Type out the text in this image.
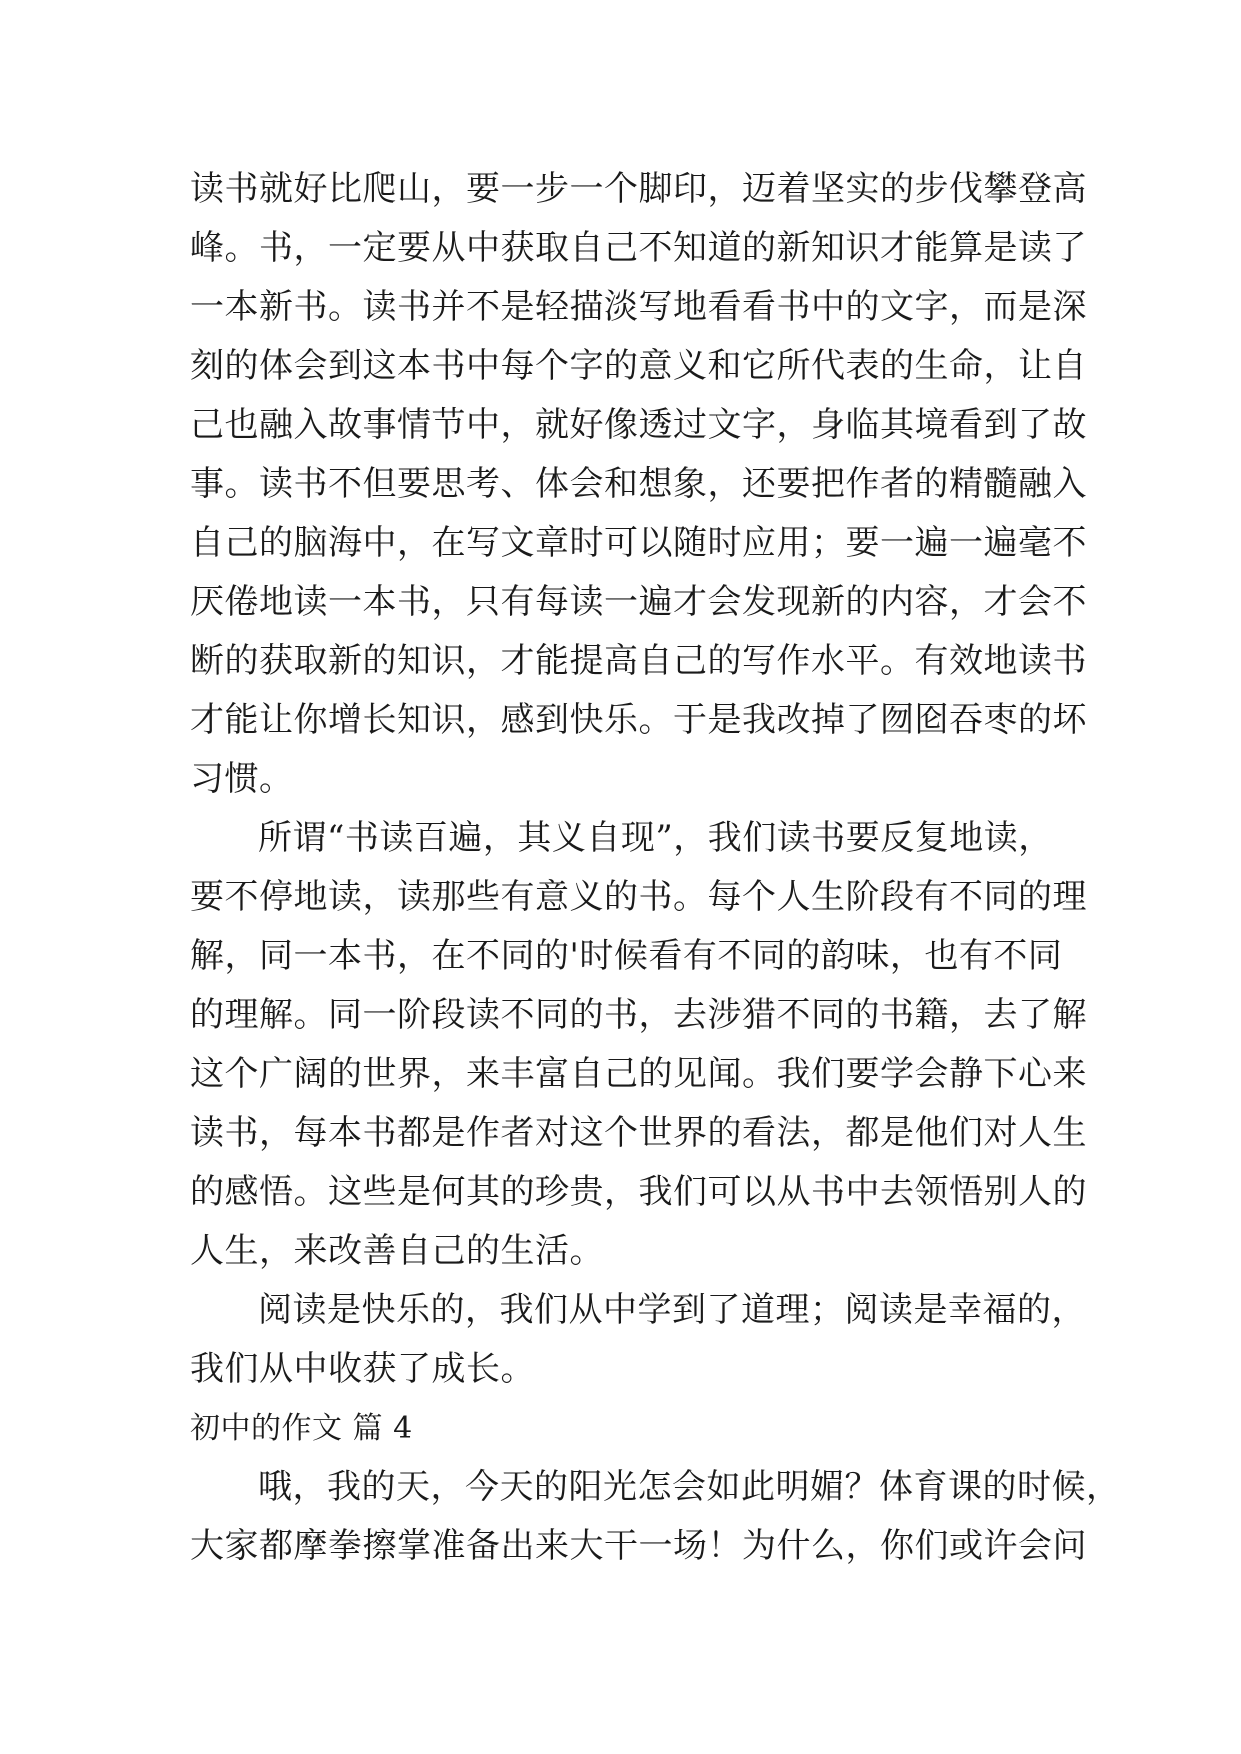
读书就好比爬山，要一步一个脚印，迈着坚实的步伐攀登高
峰。书，一定要从中获取自己不知道的新知识才能算是读了
一本新书。读书并不是轻描淡写地看看书中的文字，而是深
刻的体会到这本书中每个字的意义和它所代表的生命，让自
己也融入故事情节中，就好像透过文字，身临其境看到了故
事。读书不但要思考、体会和想象，还要把作者的精髓融入
自己的脑海中，在写文章时可以随时应用；要一遍一遍毫不
厌倦地读一本书，只有每读一遍才会发现新的内容，才会不
断的获取新的知识，才能提高自己的写作水平。有效地读书
才能让你增长知识，感到快乐。于是我改掉了囫囵吞枣的坏
习惯。
所谓“书读百遍，其义自现”，我们读书要反复地读，
要不停地读，读那些有意义的书。每个人生阶段有不同的理
解，同一本书，在不同的'时候看有不同的韵味，也有不同
的理解。同一阶段读不同的书，去涉猎不同的书籍，去了解
这个广阔的世界，来丰富自己的见闻。我们要学会静下心来
读书，每本书都是作者对这个世界的看法，都是他们对人生
的感悟。这些是何其的珍贵，我们可以从书中去领悟别人的
人生，来改善自己的生活。
阅读是快乐的，我们从中学到了道理；阅读是幸福的，
我们从中收获了成长。
初中的作文 篇 4
哦，我的天，今天的阳光怎会如此明媚？体育课的时候，
大家都摩拳擦掌准备出来大干一场！为什么，你们或许会问
